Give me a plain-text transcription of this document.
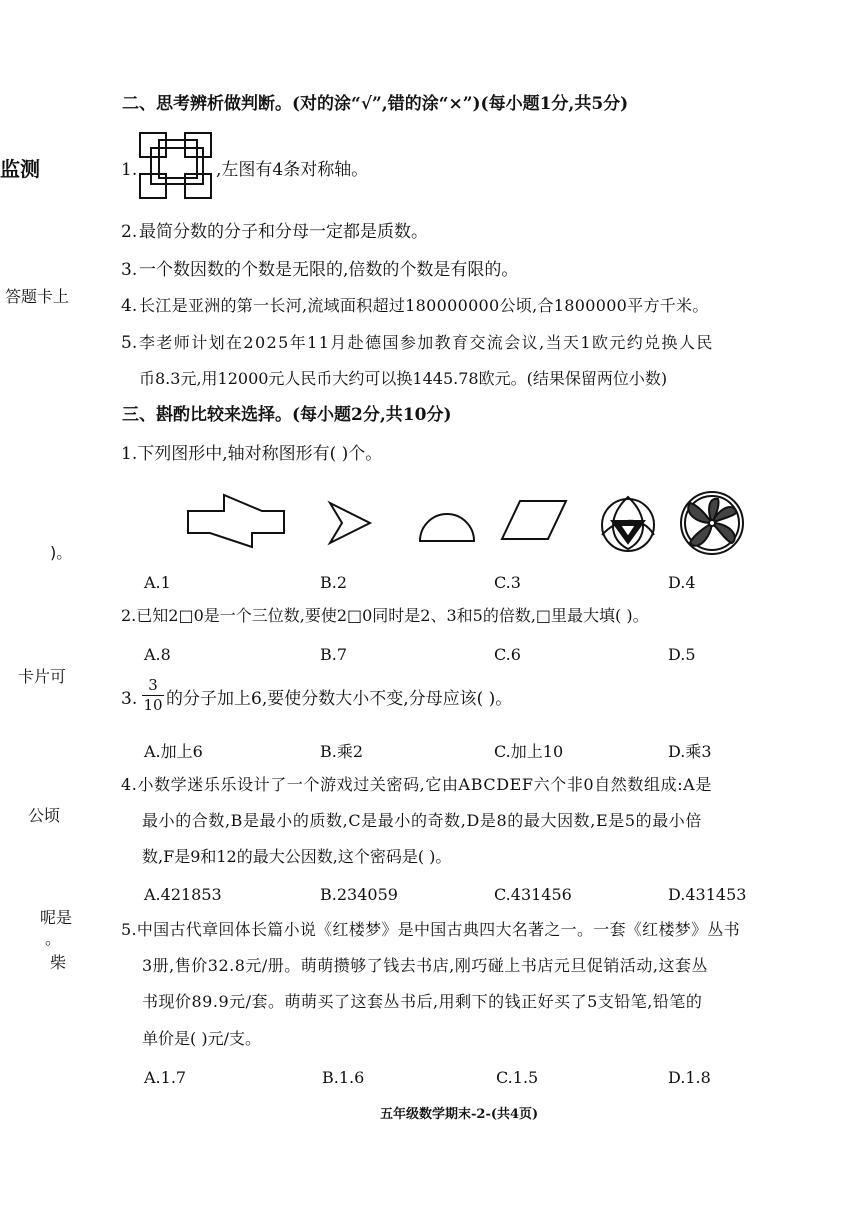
监测
答题卡上
)。
卡片可
公顷
呢是
。
柴
二、思考辨析做判断。(对的涂“√”,错的涂“×”)(每小题1分,共5分)
1.	,左图有4条对称轴。
2. 最简分数的分子和分母一定都是质数。
3. 一个数因数的个数是无限的,倍数的个数是有限的。
4. 长江是亚洲的第一长河,流域面积超过180000000公顷,合1800000平方千米。
5. 李老师计划在2025年11月赴德国参加教育交流会议,当天1欧元约兑换人民
币8.3元,用12000元人民币大约可以换1445.78欧元。(结果保留两位小数)
三、斟酌比较来选择。(每小题2分,共10分)
1.下列图形中,轴对称图形有( )个。
A.1	B.2	C.3	D.4
2.已知2□0是一个三位数,要使2□0同时是2、3和5的倍数,□里最大填( )。
A.8	B.7	C.6	D.5
3. $\frac{3}{10}$ 的分子加上6,要使分数大小不变,分母应该( )。
A.加上6	B.乘2	C.加上10	D.乘3
4.小数学迷乐乐设计了一个游戏过关密码,它由ABCDEF六个非0自然数组成:A是
最小的合数,B是最小的质数,C是最小的奇数,D是8的最大因数,E是5的最小倍
数,F是9和12的最大公因数,这个密码是( )。
A.421853	B.234059	C.431456	D.431453
5.中国古代章回体长篇小说《红楼梦》是中国古典四大名著之一。一套《红楼梦》丛书
3册,售价32.8元/册。萌萌攒够了钱去书店,刚巧碰上书店元旦促销活动,这套丛
书现价89.9元/套。萌萌买了这套丛书后,用剩下的钱正好买了5支铅笔,铅笔的
单价是( )元/支。
A.1.7	B.1.6	C.1.5	D.1.8
五年级数学期末-2-(共4页)
